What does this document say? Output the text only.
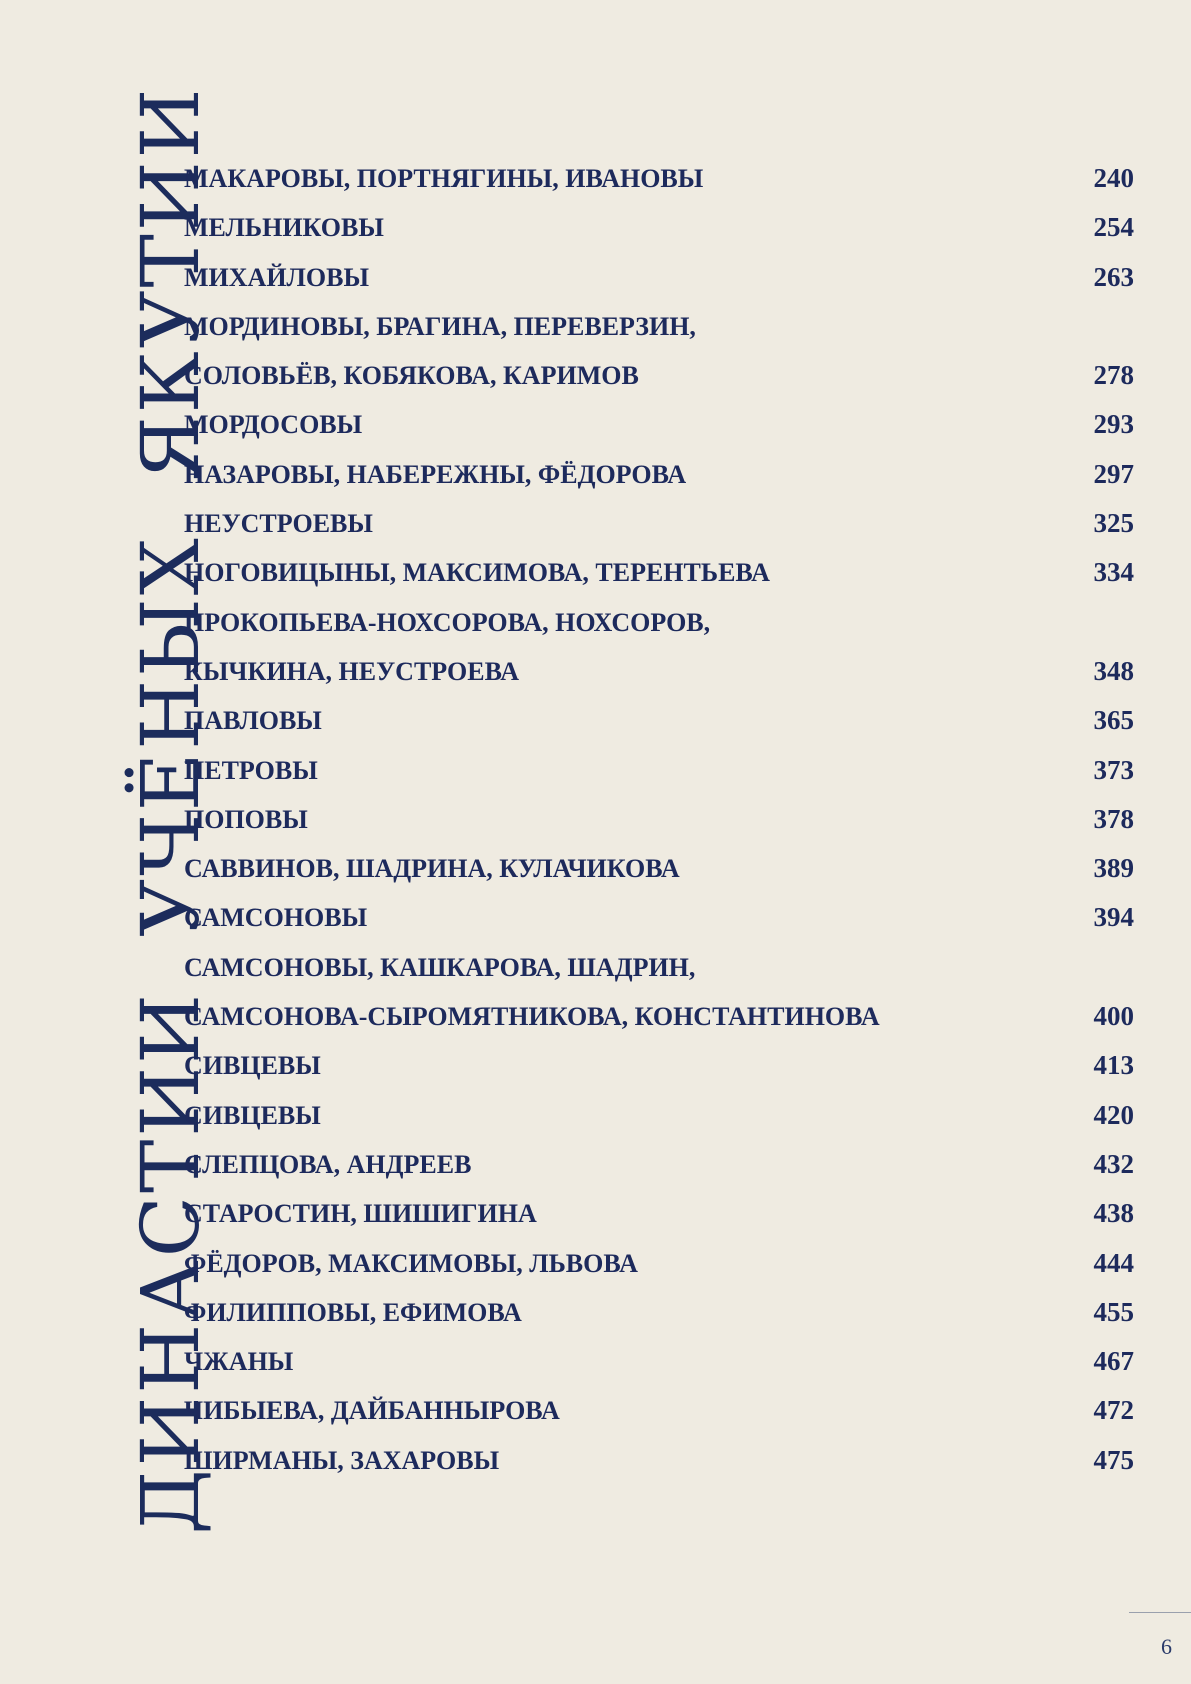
ДИНАСТИИ УЧЁНЫХ ЯКУТИИ
МАКАРОВЫ, ПОРТНЯГИНЫ, ИВАНОВЫ	240
МЕЛЬНИКОВЫ	254
МИХАЙЛОВЫ	263
МОРДИНОВЫ, БРАГИНА, ПЕРЕВЕРЗИН,
СОЛОВЬЁВ, КОБЯКОВА, КАРИМОВ	278
МОРДОСОВЫ	293
НАЗАРОВЫ, НАБЕРЕЖНЫ, ФЁДОРОВА	297
НЕУСТРОЕВЫ	325
НОГОВИЦЫНЫ, МАКСИМОВА, ТЕРЕНТЬЕВА	334
ПРОКОПЬЕВА-НОХСОРОВА, НОХСОРОВ,
КЫЧКИНА, НЕУСТРОЕВА	348
ПАВЛОВЫ	365
ПЕТРОВЫ	373
ПОПОВЫ	378
САВВИНОВ, ШАДРИНА, КУЛАЧИКОВА	389
САМСОНОВЫ	394
САМСОНОВЫ, КАШКАРОВА, ШАДРИН,
САМСОНОВА-СЫРОМЯТНИКОВА, КОНСТАНТИНОВА	400
СИВЦЕВЫ	413
СИВЦЕВЫ	420
СЛЕПЦОВА, АНДРЕЕВ	432
СТАРОСТИН, ШИШИГИНА	438
ФЁДОРОВ, МАКСИМОВЫ, ЛЬВОВА	444
ФИЛИППОВЫ, ЕФИМОВА	455
ЧЖАНЫ	467
ЧИБЫЕВА, ДАЙБАННЫРОВА	472
ШИРМАНЫ, ЗАХАРОВЫ	475
6
